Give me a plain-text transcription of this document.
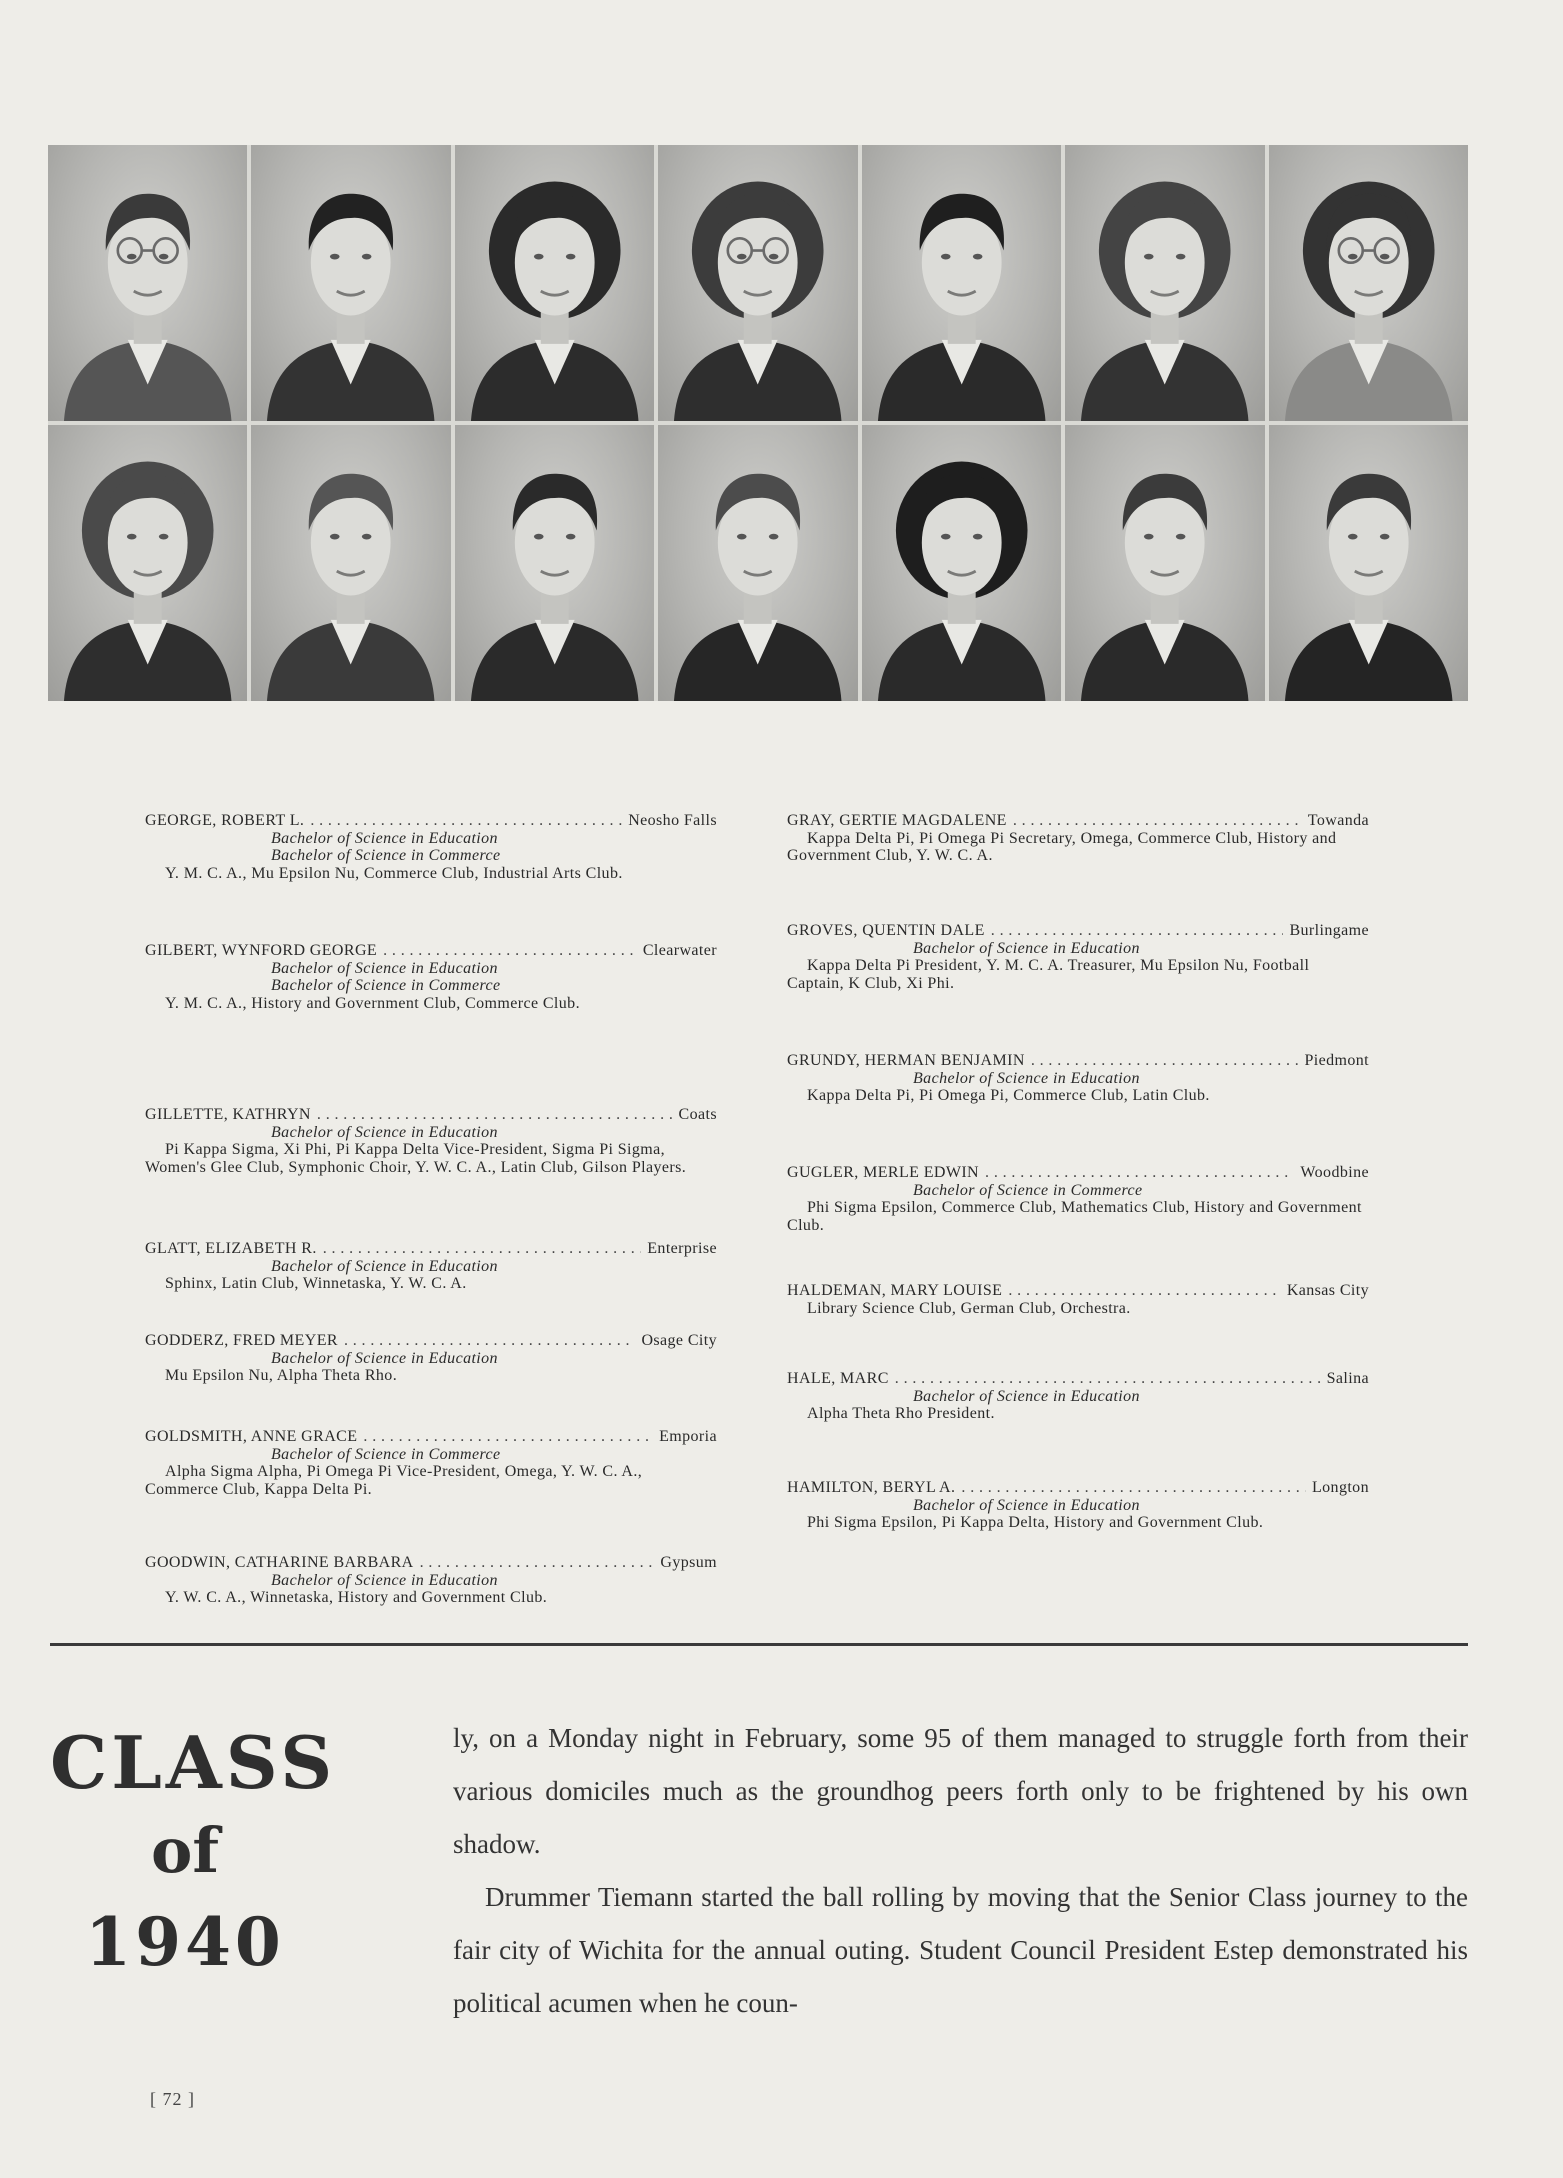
GEORGE, ROBERT L. . . .	Neosho Falls
Bachelor of Science in Education
Bachelor of Science in Commerce
Y. M. C. A., Mu Epsilon Nu, Commerce Club, Industrial Arts Club.
GILBERT, WYNFORD GEORGE . . .	Clearwater
Bachelor of Science in Education
Bachelor of Science in Commerce
Y. M. C. A., History and Government Club, Commerce Club.
GILLETTE, KATHRYN . . .	Coats
Bachelor of Science in Education
Pi Kappa Sigma, Xi Phi, Pi Kappa Delta Vice-President, Sigma Pi Sigma, Women's Glee Club, Symphonic Choir, Y. W. C. A., Latin Club, Gilson Players.
GLATT, ELIZABETH R. . . .	Enterprise
Bachelor of Science in Education
Sphinx, Latin Club, Winnetaska, Y. W. C. A.
GODDERZ, FRED MEYER . . .	Osage City
Bachelor of Science in Education
Mu Epsilon Nu, Alpha Theta Rho.
GOLDSMITH, ANNE GRACE . . .	Emporia
Bachelor of Science in Commerce
Alpha Sigma Alpha, Pi Omega Pi Vice-President, Omega, Y. W. C. A., Commerce Club, Kappa Delta Pi.
GOODWIN, CATHARINE BARBARA . . .	Gypsum
Bachelor of Science in Education
Y. W. C. A., Winnetaska, History and Government Club.
GRAY, GERTIE MAGDALENE . . .	Towanda
Kappa Delta Pi, Pi Omega Pi Secretary, Omega, Commerce Club, History and Government Club, Y. W. C. A.
GROVES, QUENTIN DALE . . .	Burlingame
Bachelor of Science in Education
Kappa Delta Pi President, Y. M. C. A. Treasurer, Mu Epsilon Nu, Football Captain, K Club, Xi Phi.
GRUNDY, HERMAN BENJAMIN . . .	Piedmont
Bachelor of Science in Education
Kappa Delta Pi, Pi Omega Pi, Commerce Club, Latin Club.
GUGLER, MERLE EDWIN . . .	Woodbine
Bachelor of Science in Commerce
Phi Sigma Epsilon, Commerce Club, Mathematics Club, History and Government Club.
HALDEMAN, MARY LOUISE . . .	Kansas City
Library Science Club, German Club, Orchestra.
HALE, MARC . . .	Salina
Bachelor of Science in Education
Alpha Theta Rho President.
HAMILTON, BERYL A. . . .	Longton
Bachelor of Science in Education
Phi Sigma Epsilon, Pi Kappa Delta, History and Government Club.
CLASS
of
1940

ly, on a Monday night in February, some 95 of them managed to struggle forth from their various domiciles much as the groundhog peers forth only to be frightened by his own shadow.

Drummer Tiemann started the ball rolling by moving that the Senior Class journey to the fair city of Wichita for the annual outing. Student Council President Estep demonstrated his political acumen when he coun-

[ 72 ]
